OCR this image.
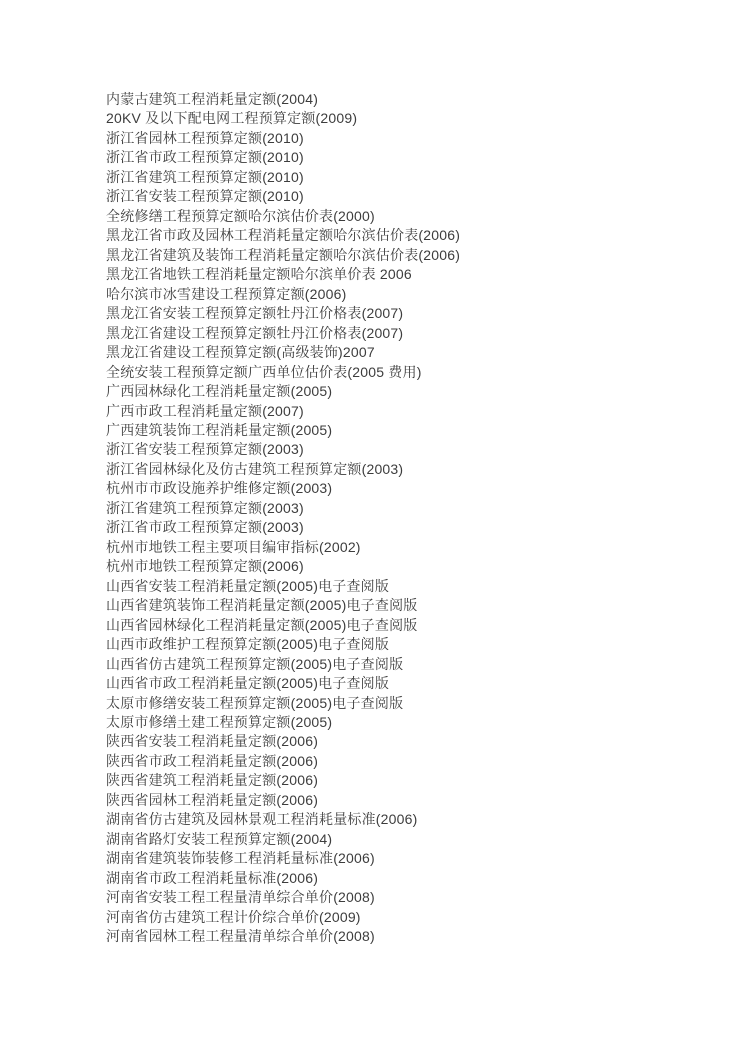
内蒙古建筑工程消耗量定额(2004)
20KV 及以下配电网工程预算定额(2009)
浙江省园林工程预算定额(2010)
浙江省市政工程预算定额(2010)
浙江省建筑工程预算定额(2010)
浙江省安装工程预算定额(2010)
全统修缮工程预算定额哈尔滨估价表(2000)
黑龙江省市政及园林工程消耗量定额哈尔滨估价表(2006)
黑龙江省建筑及装饰工程消耗量定额哈尔滨估价表(2006)
黑龙江省地铁工程消耗量定额哈尔滨单价表 2006
哈尔滨市冰雪建设工程预算定额(2006)
黑龙江省安装工程预算定额牡丹江价格表(2007)
黑龙江省建设工程预算定额牡丹江价格表(2007)
黑龙江省建设工程预算定额(高级装饰)2007
全统安装工程预算定额广西单位估价表(2005 费用)
广西园林绿化工程消耗量定额(2005)
广西市政工程消耗量定额(2007)
广西建筑装饰工程消耗量定额(2005)
浙江省安装工程预算定额(2003)
浙江省园林绿化及仿古建筑工程预算定额(2003)
杭州市市政设施养护维修定额(2003)
浙江省建筑工程预算定额(2003)
浙江省市政工程预算定额(2003)
杭州市地铁工程主要项目编审指标(2002)
杭州市地铁工程预算定额(2006)
山西省安装工程消耗量定额(2005)电子查阅版
山西省建筑装饰工程消耗量定额(2005)电子查阅版
山西省园林绿化工程消耗量定额(2005)电子查阅版
山西市政维护工程预算定额(2005)电子查阅版
山西省仿古建筑工程预算定额(2005)电子查阅版
山西省市政工程消耗量定额(2005)电子查阅版
太原市修缮安装工程预算定额(2005)电子查阅版
太原市修缮土建工程预算定额(2005)
陕西省安装工程消耗量定额(2006)
陕西省市政工程消耗量定额(2006)
陕西省建筑工程消耗量定额(2006)
陕西省园林工程消耗量定额(2006)
湖南省仿古建筑及园林景观工程消耗量标准(2006)
湖南省路灯安装工程预算定额(2004)
湖南省建筑装饰装修工程消耗量标准(2006)
湖南省市政工程消耗量标准(2006)
河南省安装工程工程量清单综合单价(2008)
河南省仿古建筑工程计价综合单价(2009)
河南省园林工程工程量清单综合单价(2008)
